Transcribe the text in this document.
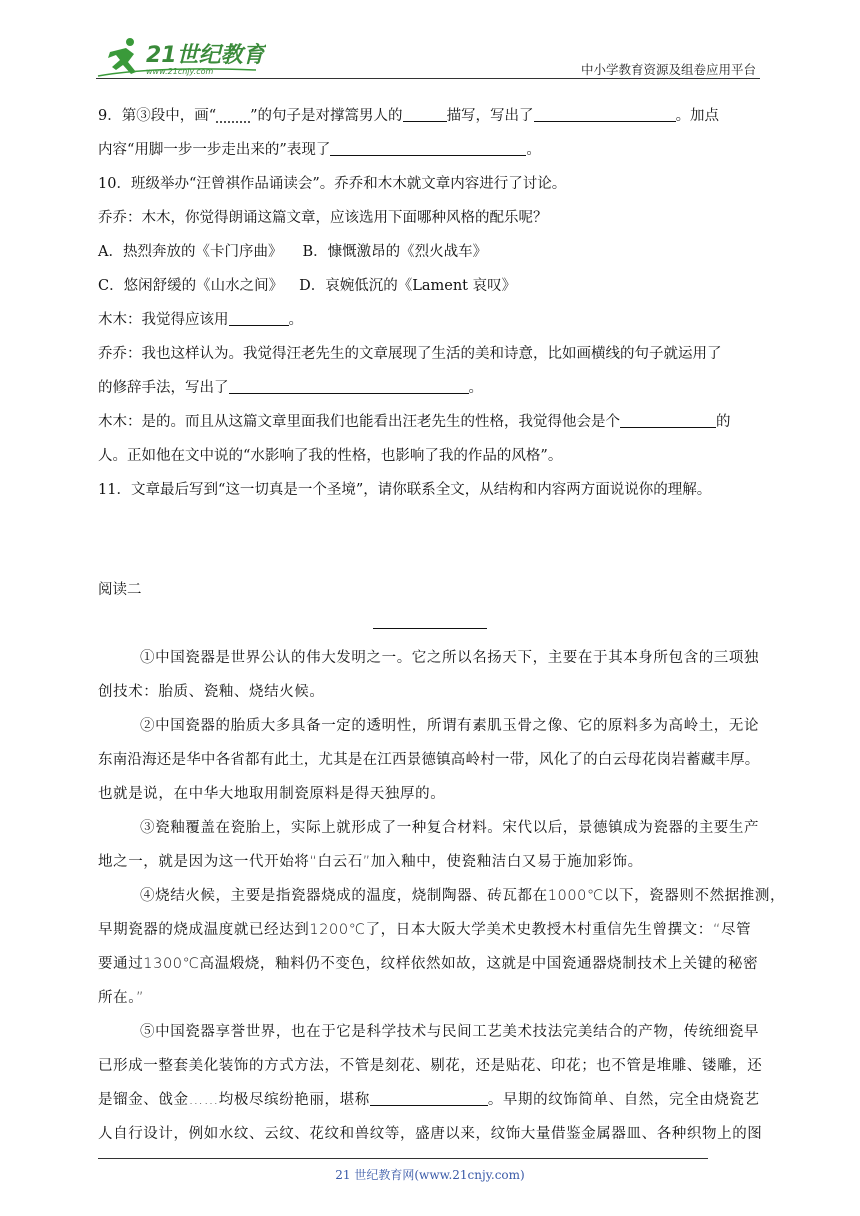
21世纪教育
www.21cnjy.com	中小学教育资源及组卷应用平台
9．第③段中，画“ ”的句子是对撑篙男人的	描写，写出了	。加点
内容“用脚一步一步走出来的”表现了	。
10．班级举办“汪曾祺作品诵读会”。乔乔和木木就文章内容进行了讨论。
乔乔：木木，你觉得朗诵这篇文章，应该选用下面哪种风格的配乐呢？
A．热烈奔放的《卡门序曲》 B．慷慨激昂的《烈火战车》
C．悠闲舒缓的《山水之间》 D．哀婉低沉的《Lament 哀叹》
木木：我觉得应该用	。
乔乔：我也这样认为。我觉得汪老先生的文章展现了生活的美和诗意，比如画横线的句子就运用了
的修辞手法，写出了	。
木木：是的。而且从这篇文章里面我们也能看出汪老先生的性格，我觉得他会是个	的
人。正如他在文中说的“水影响了我的性格，也影响了我的作品的风格”。
11．文章最后写到“这一切真是一个圣境”，请你联系全文，从结构和内容两方面说说你的理解。
阅读二
①中国瓷器是世界公认的伟大发明之一。它之所以名扬天下，主要在于其本身所包含的三项独
创技术：胎质、瓷釉、烧结火候。
②中国瓷器的胎质大多具备一定的透明性，所谓有素肌玉骨之像、它的原料多为高岭土，无论
东南沿海还是华中各省都有此土，尤其是在江西景德镇高岭村一带，风化了的白云母花岗岩蓄藏丰厚。
也就是说，在中华大地取用制瓷原料是得天独厚的。
③瓷釉覆盖在瓷胎上，实际上就形成了一种复合材料。宋代以后，景德镇成为瓷器的主要生产
地之一，就是因为这一代开始将“白云石”加入釉中，使瓷釉洁白又易于施加彩饰。
④烧结火候，主要是指瓷器烧成的温度，烧制陶器、砖瓦都在1000℃以下，瓷器则不然据推测，
早期瓷器的烧成温度就已经达到1200℃了，日本大阪大学美术史教授木村重信先生曾撰文：“尽管
要通过1300℃高温煅烧，釉料仍不变色，纹样依然如故，这就是中国瓷通器烧制技术上关键的秘密
所在。”
⑤中国瓷器享誉世界，也在于它是科学技术与民间工艺美术技法完美结合的产物，传统细瓷早
已形成一整套美化装饰的方式方法，不管是刻花、剔花，还是贴花、印花；也不管是堆雕、镂雕，还
是镏金、戗金……均极尽缤纷艳丽，堪称	。早期的纹饰简单、自然，完全由烧瓷艺
人自行设计，例如水纹、云纹、花纹和兽纹等，盛唐以来，纹饰大量借鉴金属器皿、各种织物上的图
21 世纪教育网(www.21cnjy.com)
